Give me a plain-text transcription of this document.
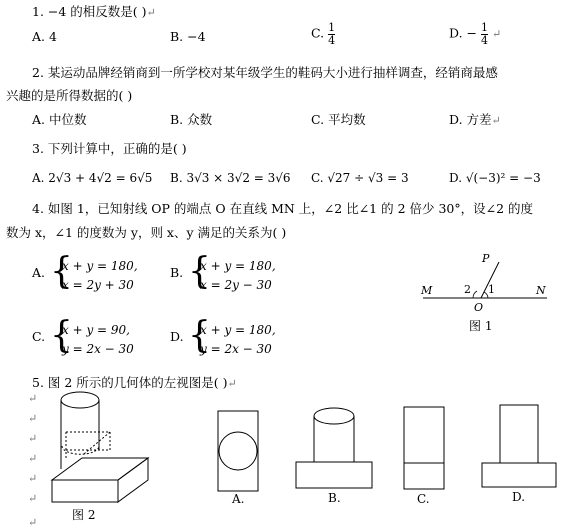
1. −4 的相反数是( )↵
A. 4	B. −4	C. $\frac{1}{4}$	D. − $\frac{1}{4}$ ↵
2. 某运动品牌经销商到一所学校对某年级学生的鞋码大小进行抽样调查，经销商最感
兴趣的是所得数据的( )
A. 中位数	B. 众数	C. 平均数	D. 方差↵
3. 下列计算中，正确的是( )
A. 2√3 + 4√2 = 6√5 B. 3√3 × 3√2 = 3√6 C. √27 ÷ √3 = 3	D. √(−3)² = −3
4. 如图 1，已知射线 OP 的端点 O 在直线 MN 上，∠2 比∠1 的 2 倍少 30°，设∠2 的度
数为 x，∠1 的度数为 y，则 x、y 满足的关系为( )
A. {
x + y = 180,
x = 2y + 30
B. {
x + y = 180,
x = 2y − 30
C. {
x + y = 90,
y = 2x − 30
D. {
x + y = 180,
y = 2x − 30
M	N
P
O
2 1
图 1
5. 图 2 所示的几何体的左视图是( )↵
↵
↵
↵
↵
↵
↵
↵
图 2
A.	B.	C.	D.
